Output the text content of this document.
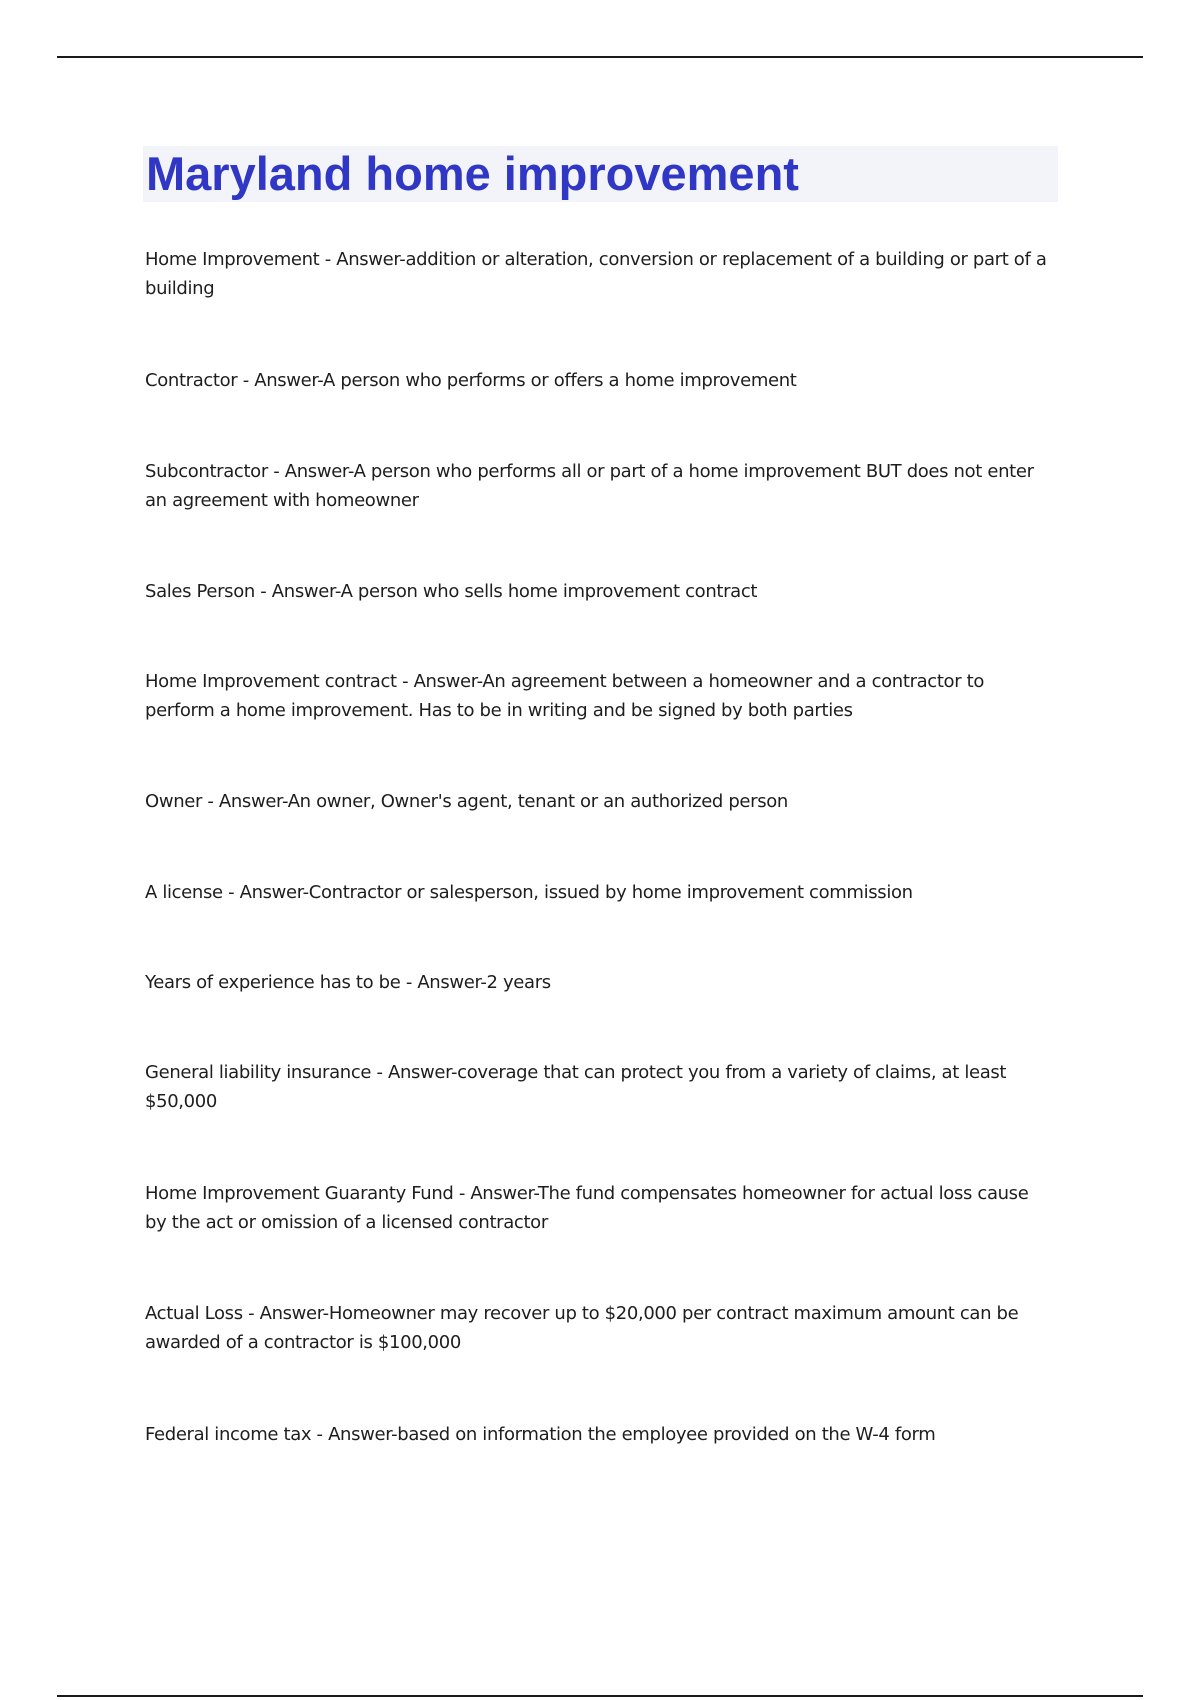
Maryland home improvement

Home Improvement - Answer-addition or alteration, conversion or replacement of a building or part of a building

Contractor - Answer-A person who performs or offers a home improvement

Subcontractor - Answer-A person who performs all or part of a home improvement BUT does not enter an agreement with homeowner

Sales Person - Answer-A person who sells home improvement contract

Home Improvement contract - Answer-An agreement between a homeowner and a contractor to perform a home improvement. Has to be in writing and be signed by both parties

Owner - Answer-An owner, Owner's agent, tenant or an authorized person

A license - Answer-Contractor or salesperson, issued by home improvement commission

Years of experience has to be - Answer-2 years

General liability insurance - Answer-coverage that can protect you from a variety of claims, at least $50,000

Home Improvement Guaranty Fund - Answer-The fund compensates homeowner for actual loss cause by the act or omission of a licensed contractor

Actual Loss - Answer-Homeowner may recover up to $20,000 per contract maximum amount can be awarded of a contractor is $100,000

Federal income tax - Answer-based on information the employee provided on the W-4 form
